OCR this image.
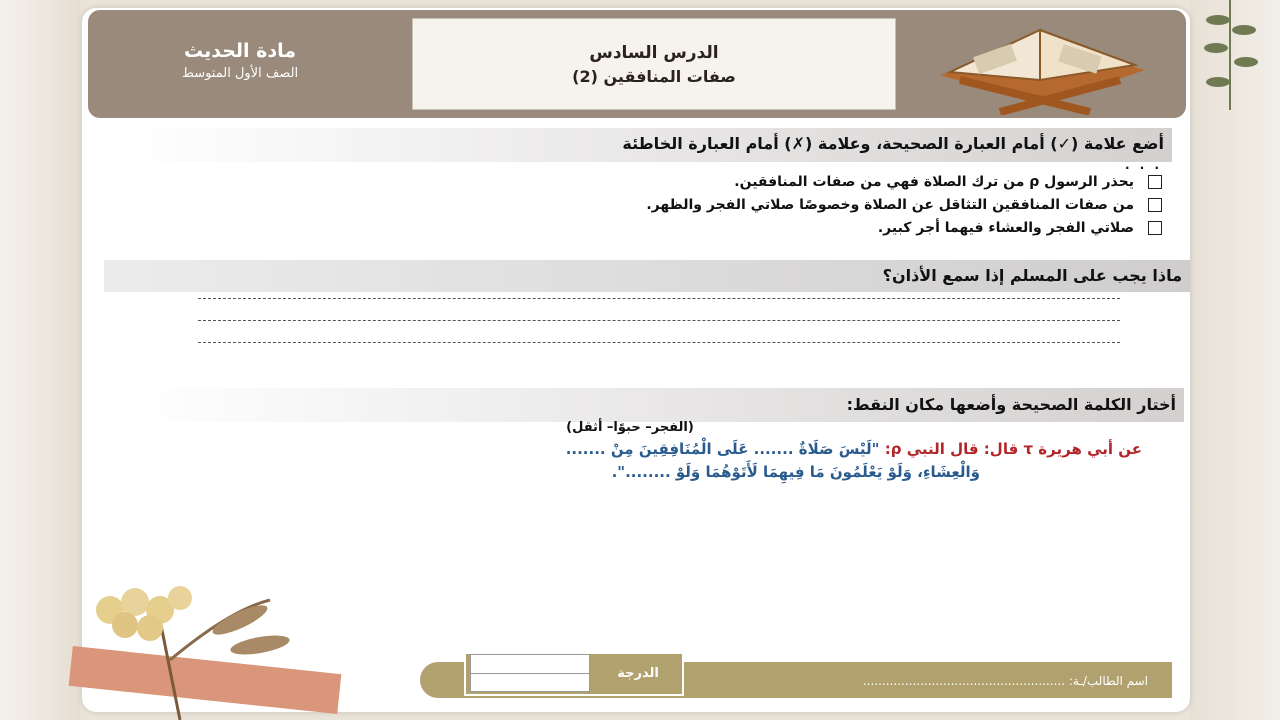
مادة الحديث
الصف الأول المتوسط
الدرس السادس
صفات المنافقين (2)
أضع علامة (✓) أمام العبارة الصحيحة، وعلامة (✗) أمام العبارة الخاطئة
. . .
يحذر الرسول ρ من ترك الصلاة فهي من صفات المنافقين.
من صفات المنافقين التثاقل عن الصلاة وخصوصًا صلاتي الفجر والظهر.
صلاتي الفجر والعشاء فيهما أجر كبير.
ماذا يجب على المسلم إذا سمع الأذان؟
أختار الكلمة الصحيحة وأضعها مكان النقط:
(الفجر– حبوًا– أثقل)
عن أبي هريرة τ قال: قال النبي ρ: "لَيْسَ صَلَاةٌ ....... عَلَى الْمُنَافِقِينَ مِنْ .......
وَالْعِشَاءِ، وَلَوْ يَعْلَمُونَ مَا فِيهِمَا لَأَتَوْهُمَا وَلَوْ ........".
الدرجة	اسم الطالب/ـة: .....................................................
